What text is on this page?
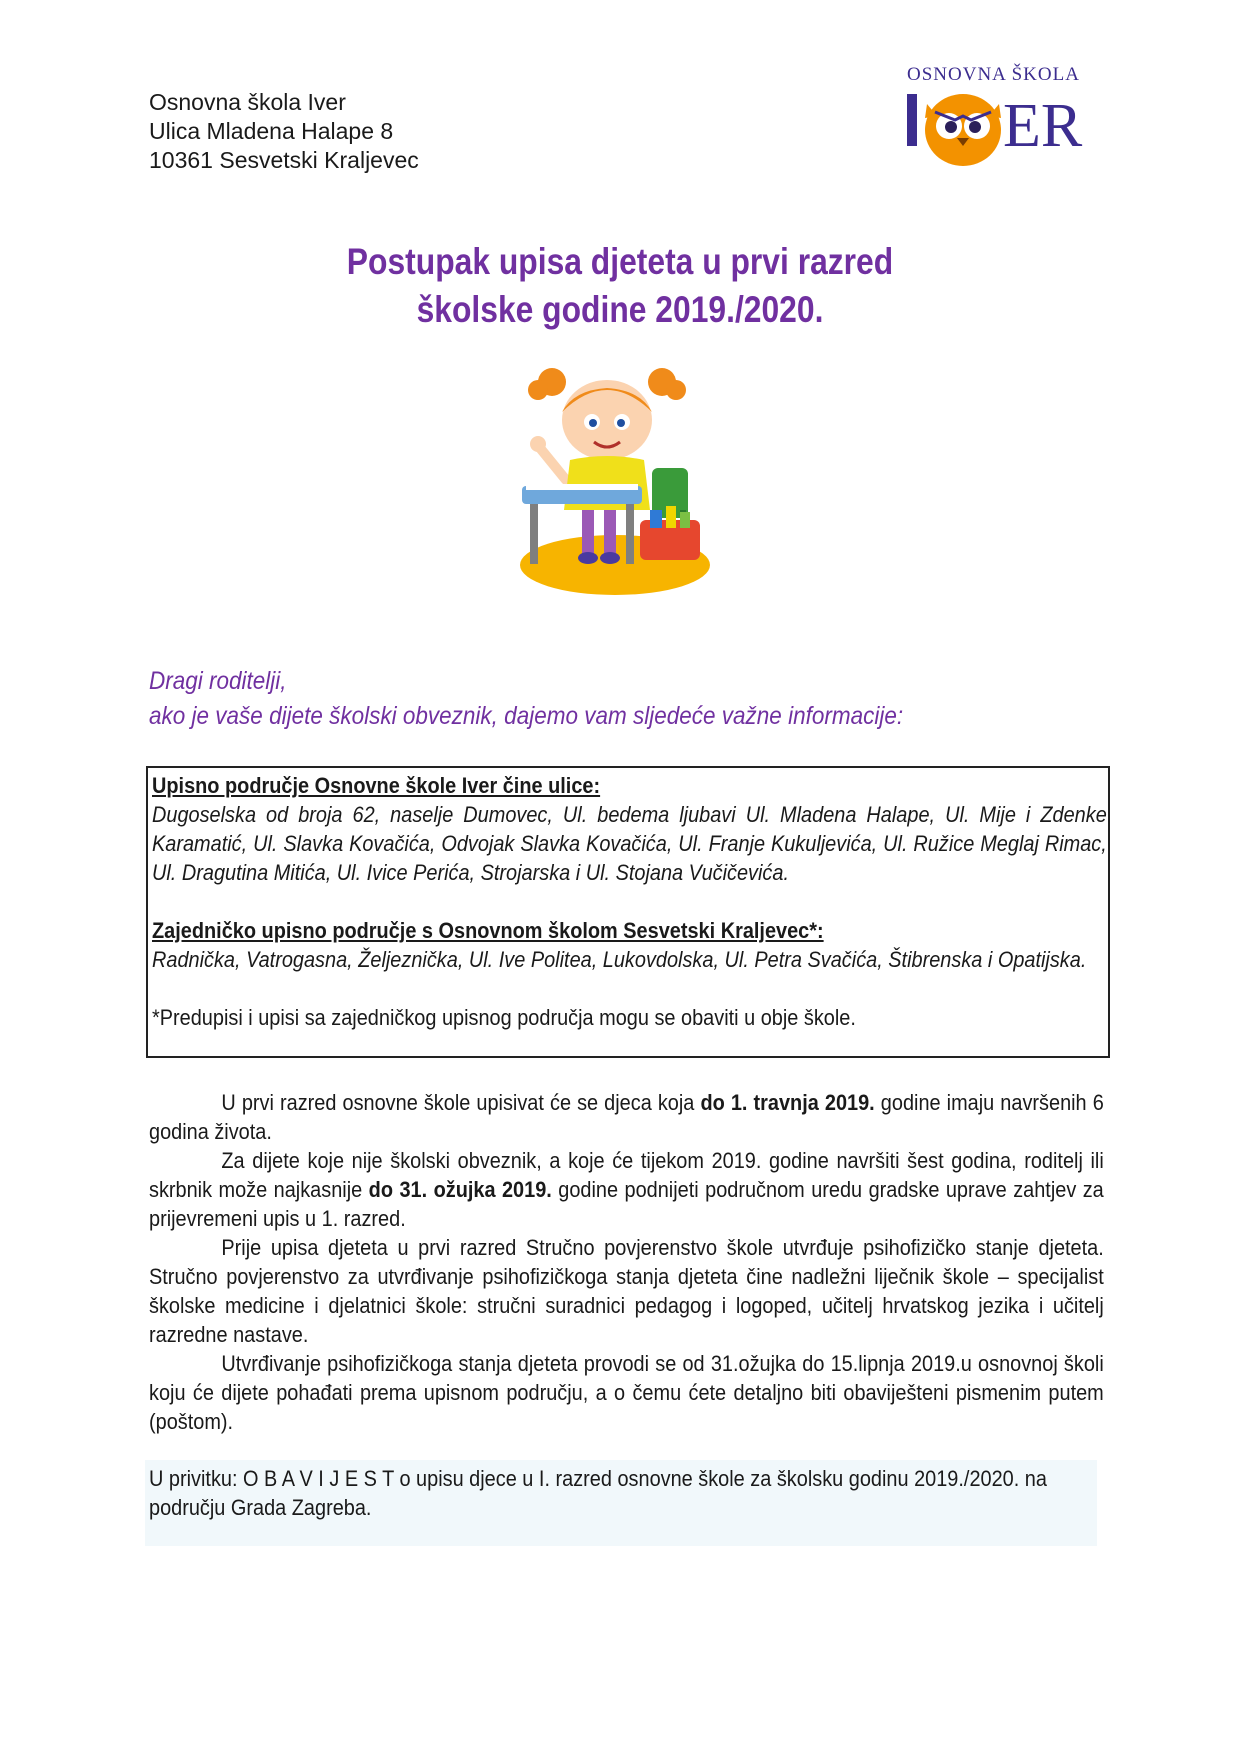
Osnovna škola Iver
Ulica Mladena Halape 8
10361 Sesvetski Kraljevec
OSNOVNA ŠKOLA
ER
Postupak upisa djeteta u prvi razred
školske godine 2019./2020.
Dragi roditelji,
ako je vaše dijete školski obveznik, dajemo vam sljedeće važne informacije:

Upisno područje Osnovne škole Iver čine ulice:

Dugoselska od broja 62, naselje Dumovec, Ul. bedema ljubavi Ul. Mladena Halape, Ul. Mije i Zdenke Karamatić, Ul. Slavka Kovačića, Odvojak Slavka Kovačića, Ul. Franje Kukuljevića, Ul. Ružice Meglaj Rimac, Ul. Dragutina Mitića, Ul. Ivice Perića, Strojarska i Ul. Stojana Vučičevića.

Zajedničko upisno područje s Osnovnom školom Sesvetski Kraljevec*:

Radnička, Vatrogasna, Željeznička, Ul. Ive Politea, Lukovdolska, Ul. Petra Svačića, Štibrenska i Opatijska.

*Predupisi i upisi sa zajedničkog upisnog područja mogu se obaviti u obje škole.

U prvi razred osnovne škole upisivat će se djeca koja do 1. travnja 2019. godine imaju navršenih 6 godina života.

Za dijete koje nije školski obveznik, a koje će tijekom 2019. godine navršiti šest godina, roditelj ili skrbnik može najkasnije do 31. ožujka 2019. godine podnijeti područnom uredu gradske uprave zahtjev za prijevremeni upis u 1. razred.

Prije upisa djeteta u prvi razred Stručno povjerenstvo škole utvrđuje psihofizičko stanje djeteta. Stručno povjerenstvo za utvrđivanje psihofizičkoga stanja djeteta čine nadležni liječnik škole – specijalist školske medicine i djelatnici škole: stručni suradnici pedagog i logoped, učitelj hrvatskog jezika i učitelj razredne nastave.

Utvrđivanje psihofizičkoga stanja djeteta provodi se od 31.ožujka do 15.lipnja 2019.u osnovnoj školi koju će dijete pohađati prema upisnom području, a o čemu ćete detaljno biti obaviješteni pismenim putem (poštom).

U privitku: O B A V I J E S T o upisu djece u I. razred osnovne škole za školsku godinu 2019./2020. na području Grada Zagreba.
